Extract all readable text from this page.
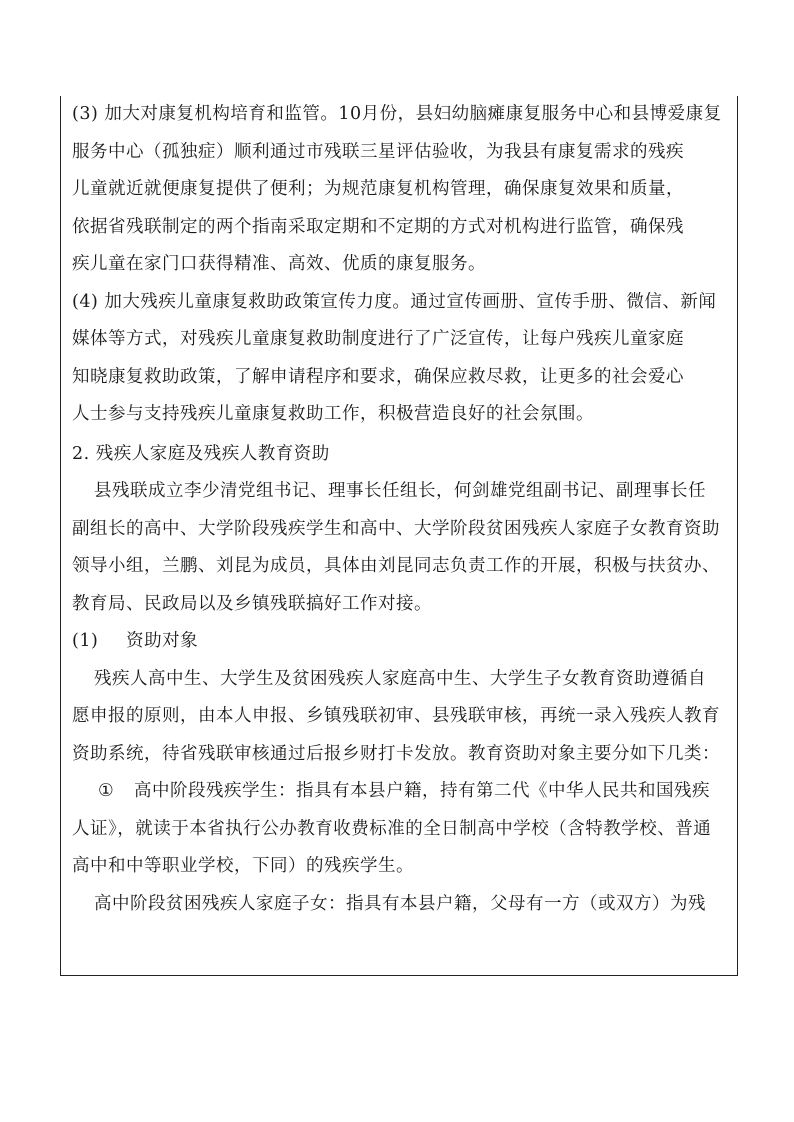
(3) 加大对康复机构培育和监管。10月份，县妇幼脑瘫康复服务中心和县博爱康复
服务中心（孤独症）顺利通过市残联三星评估验收，为我县有康复需求的残疾
儿童就近就便康复提供了便利；为规范康复机构管理，确保康复效果和质量，
依据省残联制定的两个指南采取定期和不定期的方式对机构进行监管，确保残
疾儿童在家门口获得精准、高效、优质的康复服务。
(4) 加大残疾儿童康复救助政策宣传力度。通过宣传画册、宣传手册、微信、新闻
媒体等方式，对残疾儿童康复救助制度进行了广泛宣传，让每户残疾儿童家庭
知晓康复救助政策，了解申请程序和要求，确保应救尽救，让更多的社会爱心
人士参与支持残疾儿童康复救助工作，积极营造良好的社会氛围。
2. 残疾人家庭及残疾人教育资助
县残联成立李少清党组书记、理事长任组长，何剑雄党组副书记、副理事长任
副组长的高中、大学阶段残疾学生和高中、大学阶段贫困残疾人家庭子女教育资助
领导小组，兰鹏、刘昆为成员，具体由刘昆同志负责工作的开展，积极与扶贫办、
教育局、民政局以及乡镇残联搞好工作对接。
(1) 资助对象
残疾人高中生、大学生及贫困残疾人家庭高中生、大学生子女教育资助遵循自
愿申报的原则，由本人申报、乡镇残联初审、县残联审核，再统一录入残疾人教育
资助系统，待省残联审核通过后报乡财打卡发放。教育资助对象主要分如下几类：
① 高中阶段残疾学生：指具有本县户籍，持有第二代《中华人民共和国残疾
人证》，就读于本省执行公办教育收费标准的全日制高中学校（含特教学校、普通
高中和中等职业学校，下同）的残疾学生。
高中阶段贫困残疾人家庭子女：指具有本县户籍，父母有一方（或双方）为残
